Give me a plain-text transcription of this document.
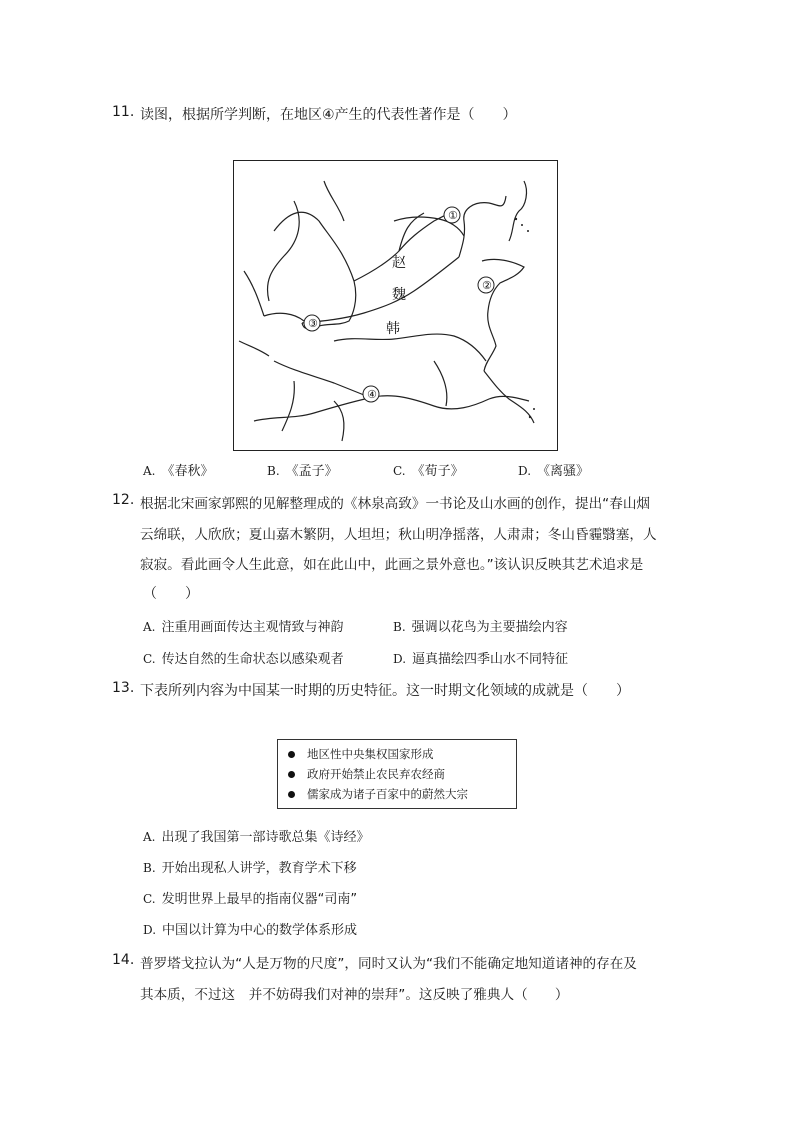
11. 读图，根据所学判断，在地区④产生的代表性著作是（　　）
①
②
③
④
赵
魏
韩
A. 《春秋》	B. 《孟子》	C. 《荀子》	D. 《离骚》
12. 根据北宋画家郭熙的见解整理成的《林泉高致》一书论及山水画的创作，提出“春山烟
云绵联，人欣欣；夏山嘉木繁阴，人坦坦；秋山明净摇落，人肃肃；冬山昏霾翳塞，人
寂寂。看此画令人生此意，如在此山中，此画之景外意也。”该认识反映其艺术追求是
（　　）
A. 注重用画面传达主观情致与神韵	B. 强调以花鸟为主要描绘内容
C. 传达自然的生命状态以感染观者	D. 逼真描绘四季山水不同特征
13. 下表所列内容为中国某一时期的历史特征。这一时期文化领域的成就是（　　）
地区性中央集权国家形成
政府开始禁止农民弃农经商
儒家成为诸子百家中的蔚然大宗
A. 出现了我国第一部诗歌总集《诗经》
B. 开始出现私人讲学，教育学术下移
C. 发明世界上最早的指南仪器“司南”
D. 中国以计算为中心的数学体系形成
14. 普罗塔戈拉认为“人是万物的尺度”，同时又认为“我们不能确定地知道诸神的存在及
其本质，不过这　并不妨碍我们对神的崇拜”。这反映了雅典人（　　）
